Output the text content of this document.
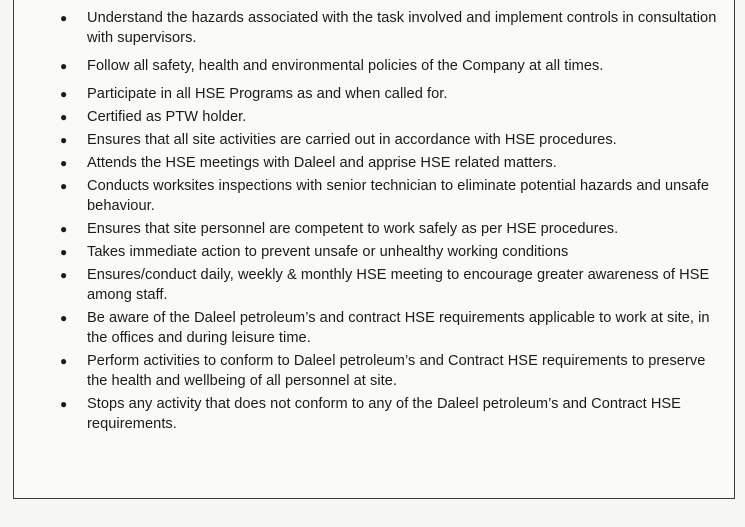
● Understand the hazards associated with the task involved and implement controls in consultation with supervisors.
● Follow all safety, health and environmental policies of the Company at all times.
● Participate in all HSE Programs as and when called for.
● Certified as PTW holder.
● Ensures that all site activities are carried out in accordance with HSE procedures.
● Attends the HSE meetings with Daleel and apprise HSE related matters.
● Conducts worksites inspections with senior technician to eliminate potential hazards and unsafe behaviour.
● Ensures that site personnel are competent to work safely as per HSE procedures.
● Takes immediate action to prevent unsafe or unhealthy working conditions
● Ensures/conduct daily, weekly & monthly HSE meeting to encourage greater awareness of HSE among staff.
● Be aware of the Daleel petroleum’s and contract HSE requirements applicable to work at site, in the offices and during leisure time.
● Perform activities to conform to Daleel petroleum’s and Contract HSE requirements to preserve the health and wellbeing of all personnel at site.
● Stops any activity that does not conform to any of the Daleel petroleum’s and Contract HSE requirements.
